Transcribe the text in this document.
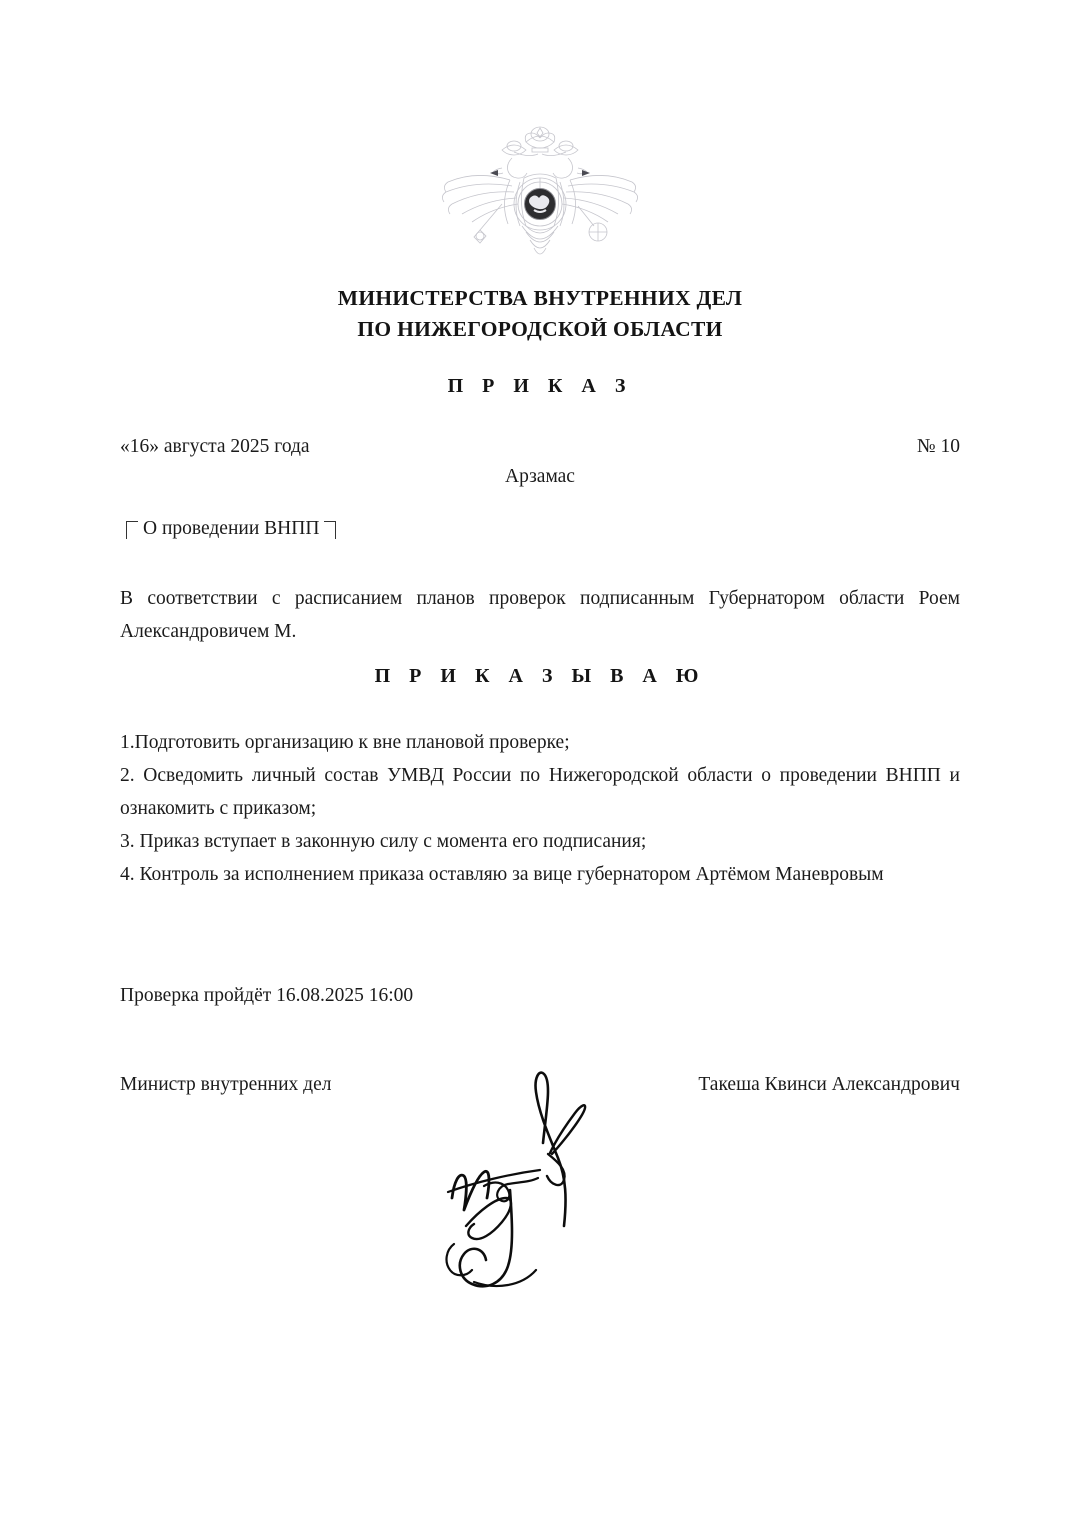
МИНИСТЕРСТВА ВНУТРЕННИХ ДЕЛ
ПО НИЖЕГОРОДСКОЙ ОБЛАСТИ
П Р И К А З
«16» августа 2025 года	№ 10
Арзамас
О проведении ВНПП
В соответствии с расписанием планов проверок подписанным Губернатором области Роем Александровичем М.
П Р И К А З Ы В А Ю

1.Подготовить организацию к вне плановой проверке;

2. Осведомить личный состав УМВД России по Нижегородской области о проведении ВНПП и ознакомить с приказом;

3. Приказ вступает в законную силу с момента его подписания;

4. Контроль за исполнением приказа оставляю за вице губернатором Артёмом Маневровым

Проверка пройдёт 16.08.2025 16:00
Министр внутренних дел	Такеша Квинси Александрович
